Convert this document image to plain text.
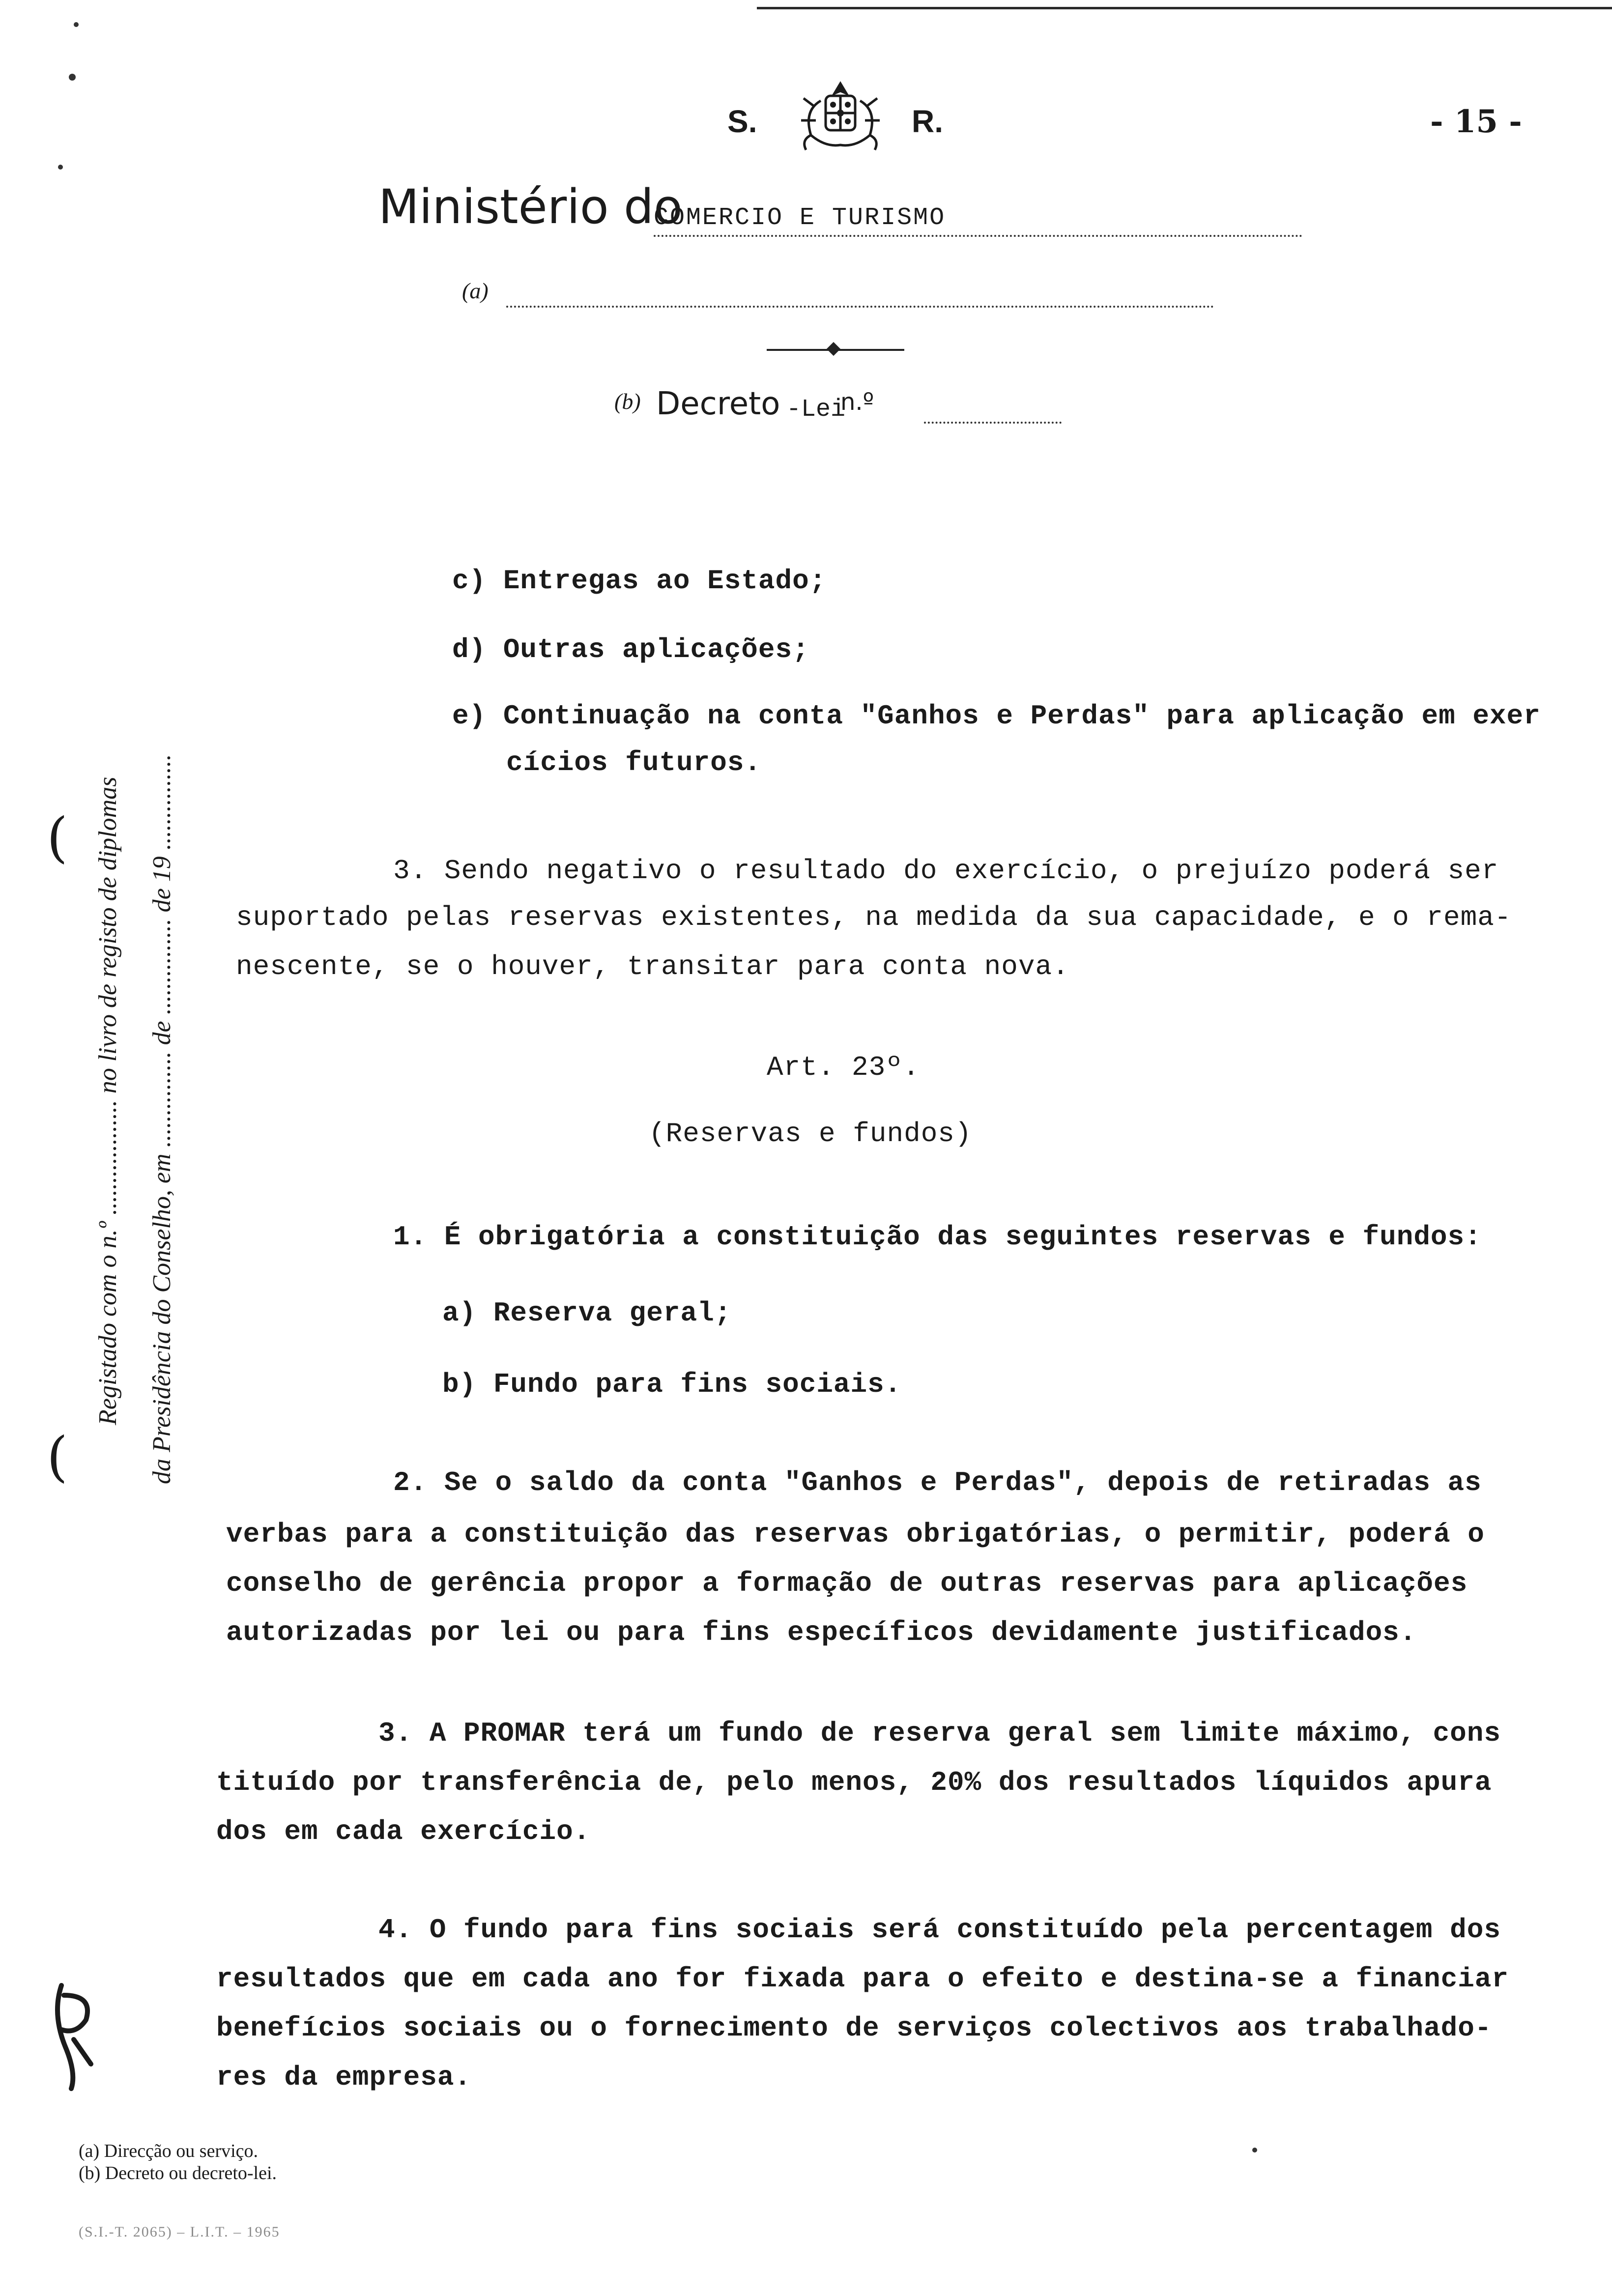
S.	R.	- 15 -
Ministério do
COMERCIO E TURISMO
(a)
(b) Decreto -Lei
n.º
( Registado com o n.º .................. no livro de registo de diplomas da Presidência do Conselho, em ............... de ............... de 19 ...............
(
c) Entregas ao Estado;
d) Outras aplicações;
e) Continuação na conta "Ganhos e Perdas" para aplicação em exer
cícios futuros.
3. Sendo negativo o resultado do exercício, o prejuízo poderá ser
suportado pelas reservas existentes, na medida da sua capacidade, e o rema-
nescente, se o houver, transitar para conta nova.
Art. 23º.
(Reservas e fundos)
1. É obrigatória a constituição das seguintes reservas e fundos:
a) Reserva geral;
b) Fundo para fins sociais.
2. Se o saldo da conta "Ganhos e Perdas", depois de retiradas as
verbas para a constituição das reservas obrigatórias, o permitir, poderá o
conselho de gerência propor a formação de outras reservas para aplicações
autorizadas por lei ou para fins específicos devidamente justificados.
3. A PROMAR terá um fundo de reserva geral sem limite máximo, cons
tituído por transferência de, pelo menos, 20% dos resultados líquidos apura
dos em cada exercício.
4. O fundo para fins sociais será constituído pela percentagem dos
resultados que em cada ano for fixada para o efeito e destina-se a financiar
benefícios sociais ou o fornecimento de serviços colectivos aos trabalhado-
res da empresa.
(a) Direcção ou serviço.
(b) Decreto ou decreto-lei.
(S.I.-T. 2065) – L.I.T. – 1965
